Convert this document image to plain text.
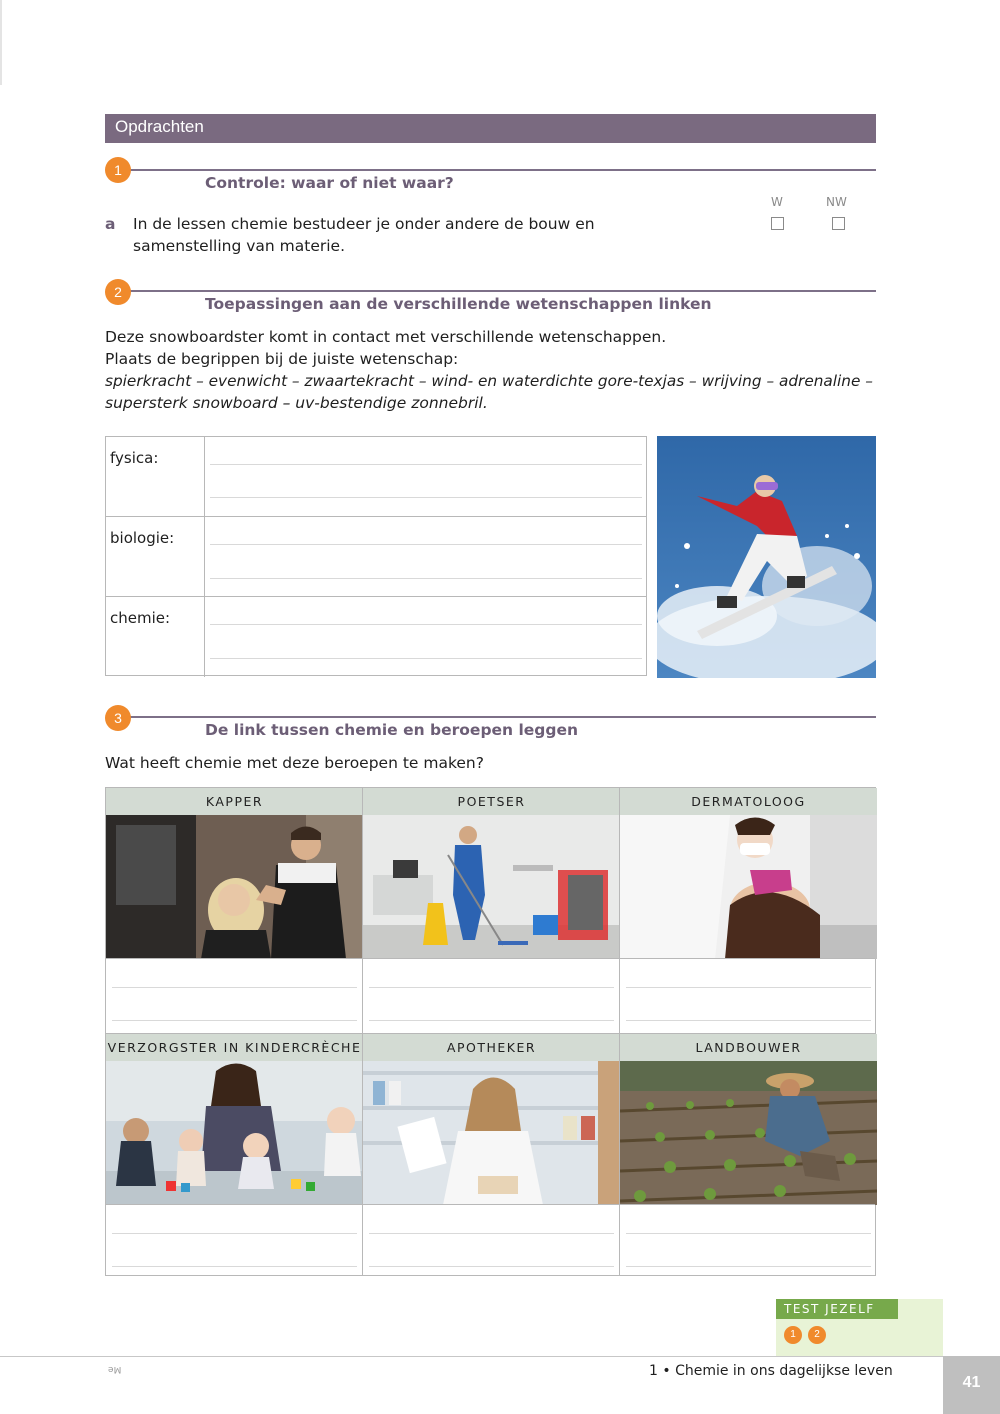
Opdrachten
1
Controle: waar of niet waar?
W	NW
a In de lessen chemie bestudeer je onder andere de bouw en
samenstelling van materie.
2
Toepassingen aan de verschillende wetenschappen linken
Deze snowboardster komt in contact met verschillende wetenschappen.
Plaats de begrippen bij de juiste wetenschap:
spierkracht – evenwicht – zwaartekracht – wind- en waterdichte gore-texjas – wrijving – adrenaline –
supersterk snowboard – uv-bestendige zonnebril.
fysica:
biologie:
chemie:
3
De link tussen chemie en beroepen leggen
Wat heeft chemie met deze beroepen te maken?
KAPPER	POETSER	DERMATOLOOG
VERZORGSTER IN KINDERCRÈCHE	APOTHEKER	LANDBOUWER
TEST JEZELF
1	2
Me	1 • Chemie in ons dagelijkse leven
41
